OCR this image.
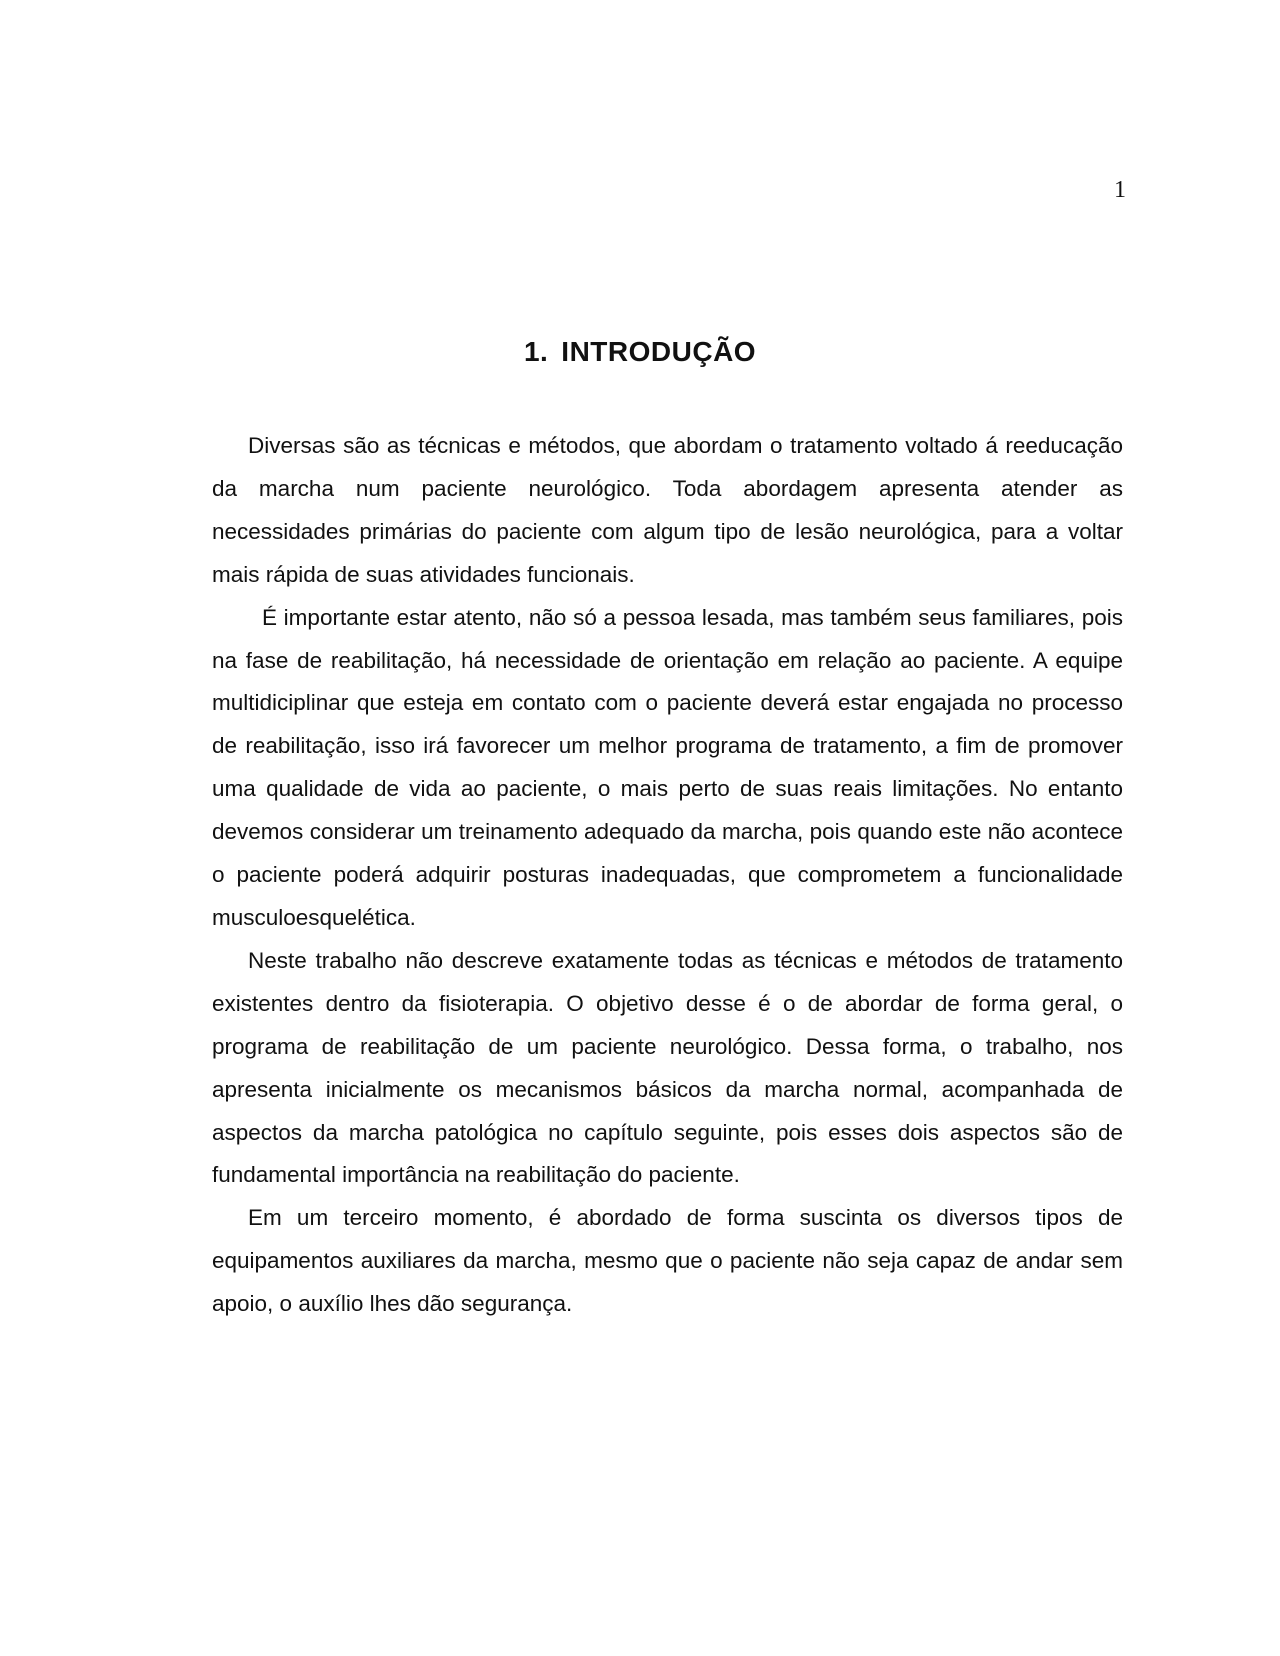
1
1. INTRODUÇÃO

Diversas são as técnicas e métodos, que abordam o tratamento voltado á reeducação da marcha num paciente neurológico. Toda abordagem apresenta atender as necessidades primárias do paciente com algum tipo de lesão neurológica, para a voltar mais rápida de suas atividades funcionais.

É importante estar atento, não só a pessoa lesada, mas também seus familiares, pois na fase de reabilitação, há necessidade de orientação em relação ao paciente. A equipe multidiciplinar que esteja em contato com o paciente deverá estar engajada no processo de reabilitação, isso irá favorecer um melhor programa de tratamento, a fim de promover uma qualidade de vida ao paciente, o mais perto de suas reais limitações. No entanto devemos considerar um treinamento adequado da marcha, pois quando este não acontece o paciente poderá adquirir posturas inadequadas, que comprometem a funcionalidade musculoesquelética.

Neste trabalho não descreve exatamente todas as técnicas e métodos de tratamento existentes dentro da fisioterapia. O objetivo desse é o de abordar de forma geral, o programa de reabilitação de um paciente neurológico. Dessa forma, o trabalho, nos apresenta inicialmente os mecanismos básicos da marcha normal, acompanhada de aspectos da marcha patológica no capítulo seguinte, pois esses dois aspectos são de fundamental importância na reabilitação do paciente.

Em um terceiro momento, é abordado de forma suscinta os diversos tipos de equipamentos auxiliares da marcha, mesmo que o paciente não seja capaz de andar sem apoio, o auxílio lhes dão segurança.
